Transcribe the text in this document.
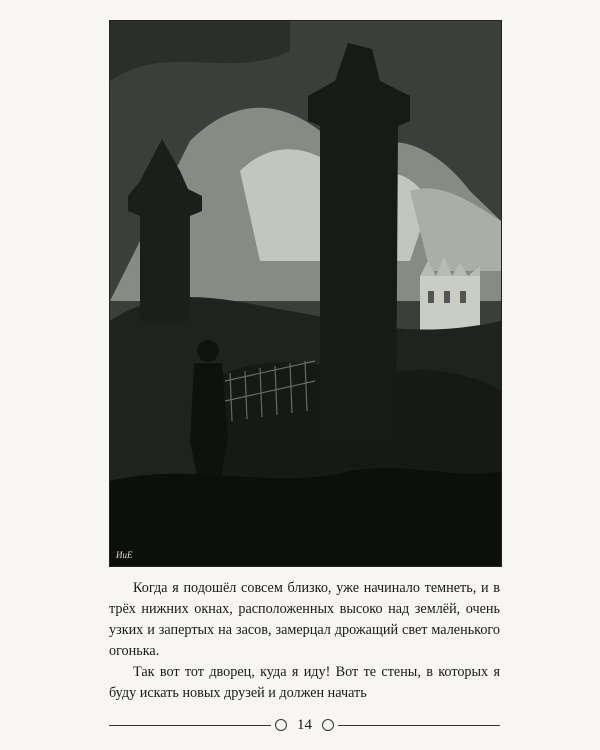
ИиЕ

Когда я подошёл совсем близко, уже начинало темнеть, и в трёх нижних окнах, расположенных высоко над землёй, очень узких и запертых на засов, замерцал дрожащий свет маленького огонька.

Так вот тот дворец, куда я иду! Вот те стены, в которых я буду искать новых друзей и должен начать

14
